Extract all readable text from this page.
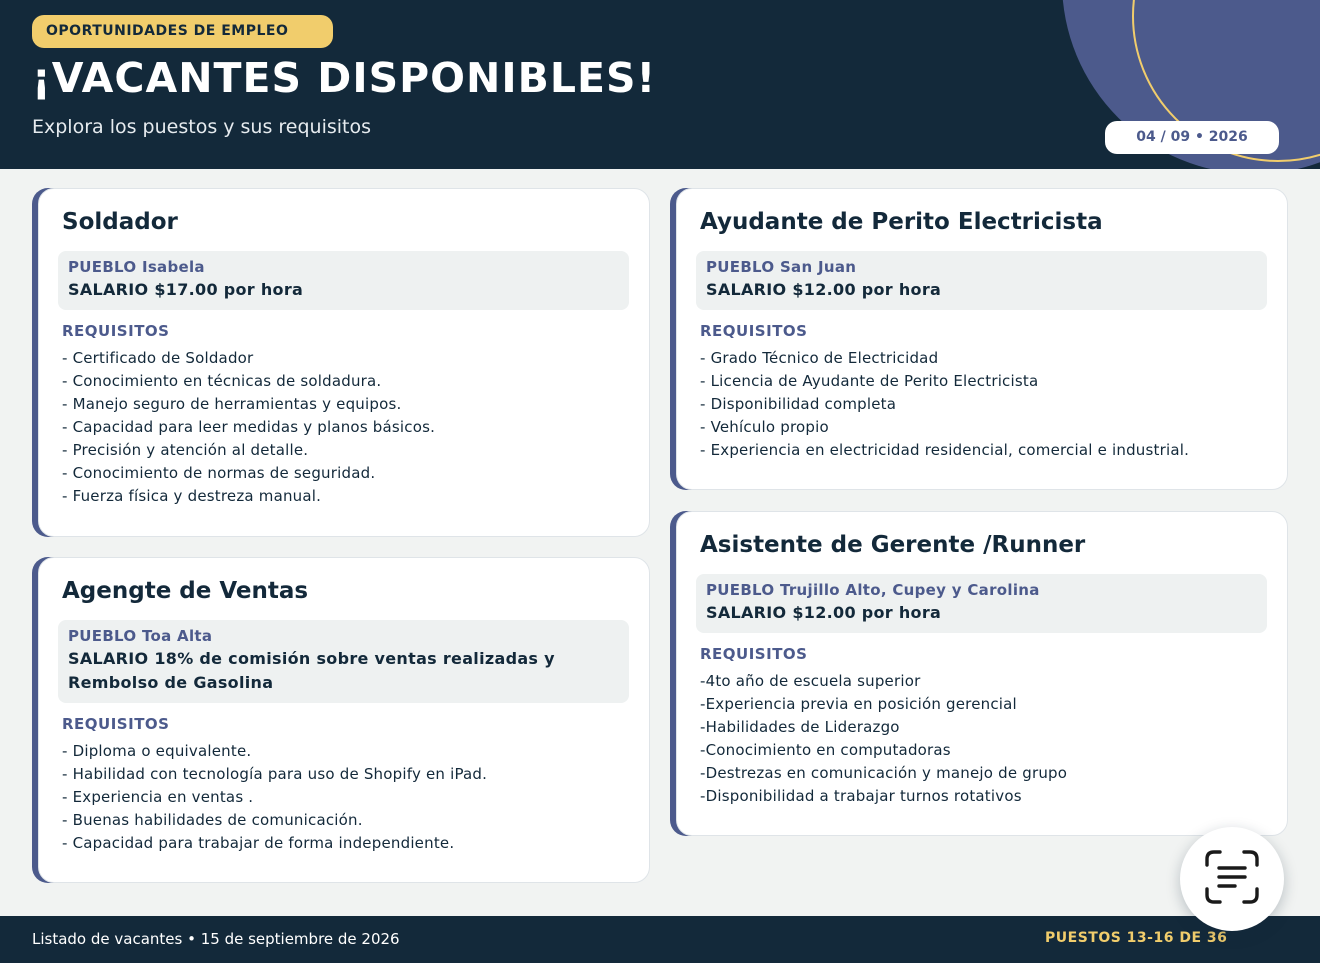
OPORTUNIDADES DE EMPLEO
¡VACANTES DISPONIBLES!
Explora los puestos y sus requisitos	04 / 09 • 2026
Soldador
PUEBLO Isabela
SALARIO $17.00 por hora
REQUISITOS
- Certificado de Soldador
- Conocimiento en técnicas de soldadura.
- Manejo seguro de herramientas y equipos.
- Capacidad para leer medidas y planos básicos.
- Precisión y atención al detalle.
- Conocimiento de normas de seguridad.
- Fuerza física y destreza manual.
Agengte de Ventas
PUEBLO Toa Alta
SALARIO 18% de comisión sobre ventas realizadas y Rembolso de Gasolina
REQUISITOS
- Diploma o equivalente.
- Habilidad con tecnología para uso de Shopify en iPad.
- Experiencia en ventas .
- Buenas habilidades de comunicación.
- Capacidad para trabajar de forma independiente.
Ayudante de Perito Electricista
PUEBLO San Juan
SALARIO $12.00 por hora
REQUISITOS
- Grado Técnico de Electricidad
- Licencia de Ayudante de Perito Electricista
- Disponibilidad completa
- Vehículo propio
- Experiencia en electricidad residencial, comercial e industrial.
Asistente de Gerente /Runner
PUEBLO Trujillo Alto, Cupey y Carolina
SALARIO $12.00 por hora
REQUISITOS
-4to año de escuela superior
-Experiencia previa en posición gerencial
-Habilidades de Liderazgo
-Conocimiento en computadoras
-Destrezas en comunicación y manejo de grupo
-Disponibilidad a trabajar turnos rotativos
Listado de vacantes • 15 de septiembre de 2026	PUESTOS 13-16 DE 36
